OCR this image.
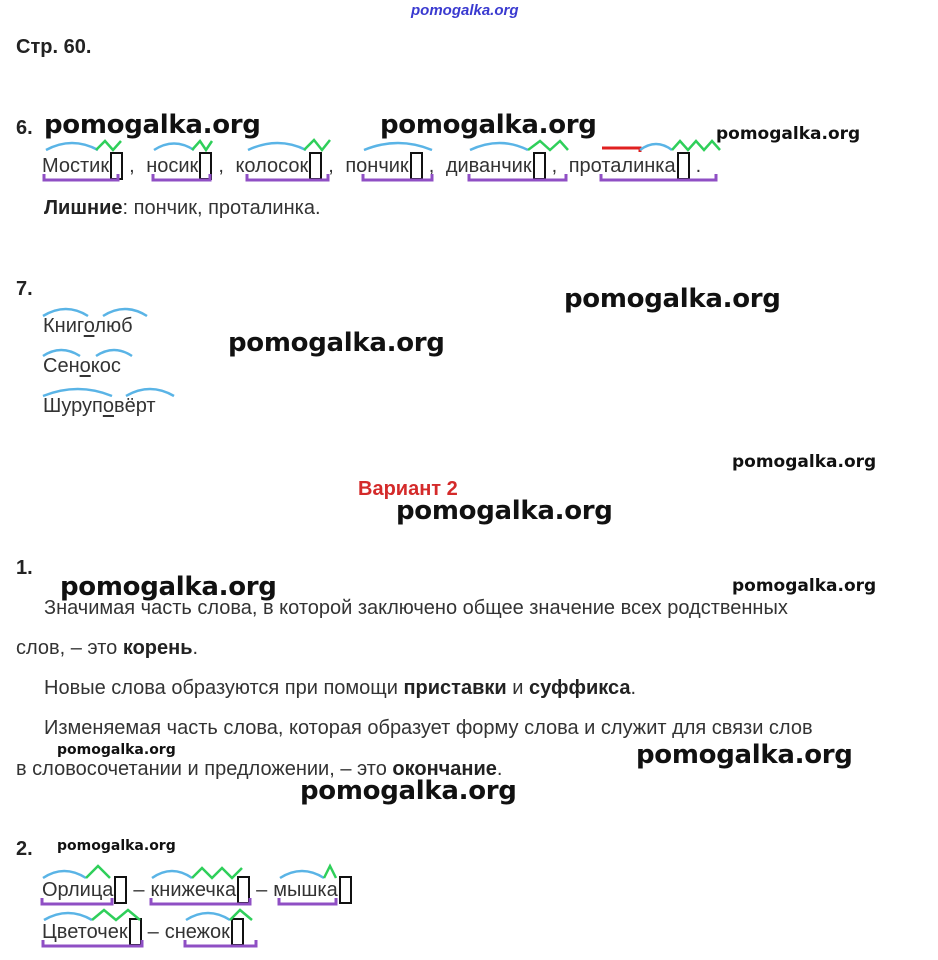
pomogalka.org
Стр. 60.
6. pomogalka.org	pomogalka.org	pomogalka.org
Мостик , носик , колосок , пончик , диванчик , проталинка .
Лишние: пончик, проталинка.
7.	pomogalka.org
pomogalka.org
Книголюб
Сенокос
Шуруповёрт
pomogalka.org
Вариант 2
pomogalka.org
1.
pomogalka.org	pomogalka.org
Значимая часть слова, в которой заключено общее значение всех родственных
слов, – это корень.
Новые слова образуются при помощи приставки и суффикса.
Изменяемая часть слова, которая образует форму слова и служит для связи слов
pomogalka.org	pomogalka.org
в словосочетании и предложении, – это окончание.
pomogalka.org
2. pomogalka.org
Орлица – книжечка – мышка
Цветочек – снежок
